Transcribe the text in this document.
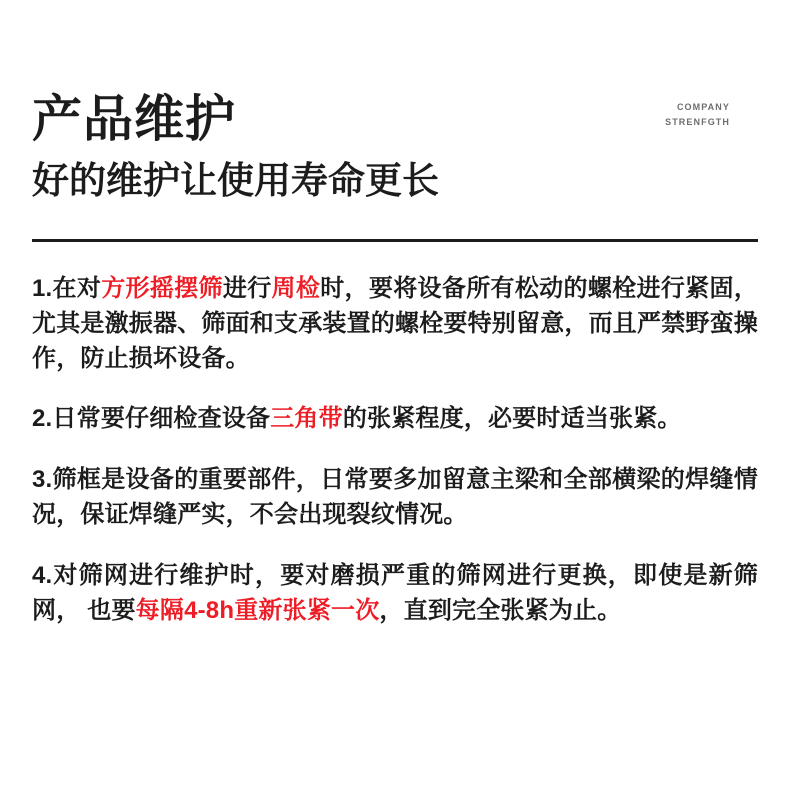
产品维护
好的维护让使用寿命更长
COMPANY
STRENFGTH

1.在对方形摇摆筛进行周检时，要将设备所有松动的螺栓进行紧固，尤其是激振器、筛面和支承装置的螺栓要特别留意，而且严禁野蛮操作，防止损坏设备。

2.日常要仔细检查设备三角带的张紧程度，必要时适当张紧。

3.筛框是设备的重要部件，日常要多加留意主梁和全部横梁的焊缝情况，保证焊缝严实，不会出现裂纹情况。

4.对筛网进行维护时，要对磨损严重的筛网进行更换，即使是新筛网， 也要每隔4-8h重新张紧一次，直到完全张紧为止。
